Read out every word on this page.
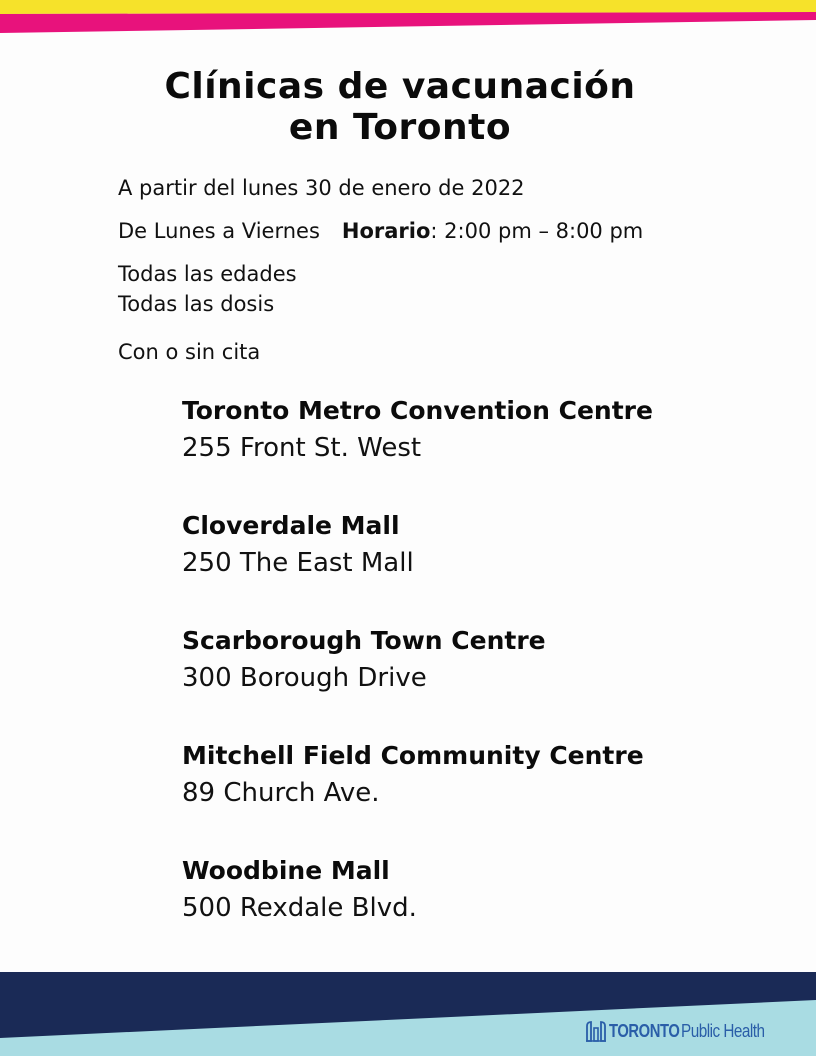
Clínicas de vacunación
en Toronto
A partir del lunes 30 de enero de 2022
De Lunes a Viernes Horario: 2:00 pm – 8:00 pm
Todas las edades
Todas las dosis
Con o sin cita
Toronto Metro Convention Centre
255 Front St. West
Cloverdale Mall
250 The East Mall
Scarborough Town Centre
300 Borough Drive
Mitchell Field Community Centre
89 Church Ave.
Woodbine Mall
500 Rexdale Blvd.
TORONTO Public Health
